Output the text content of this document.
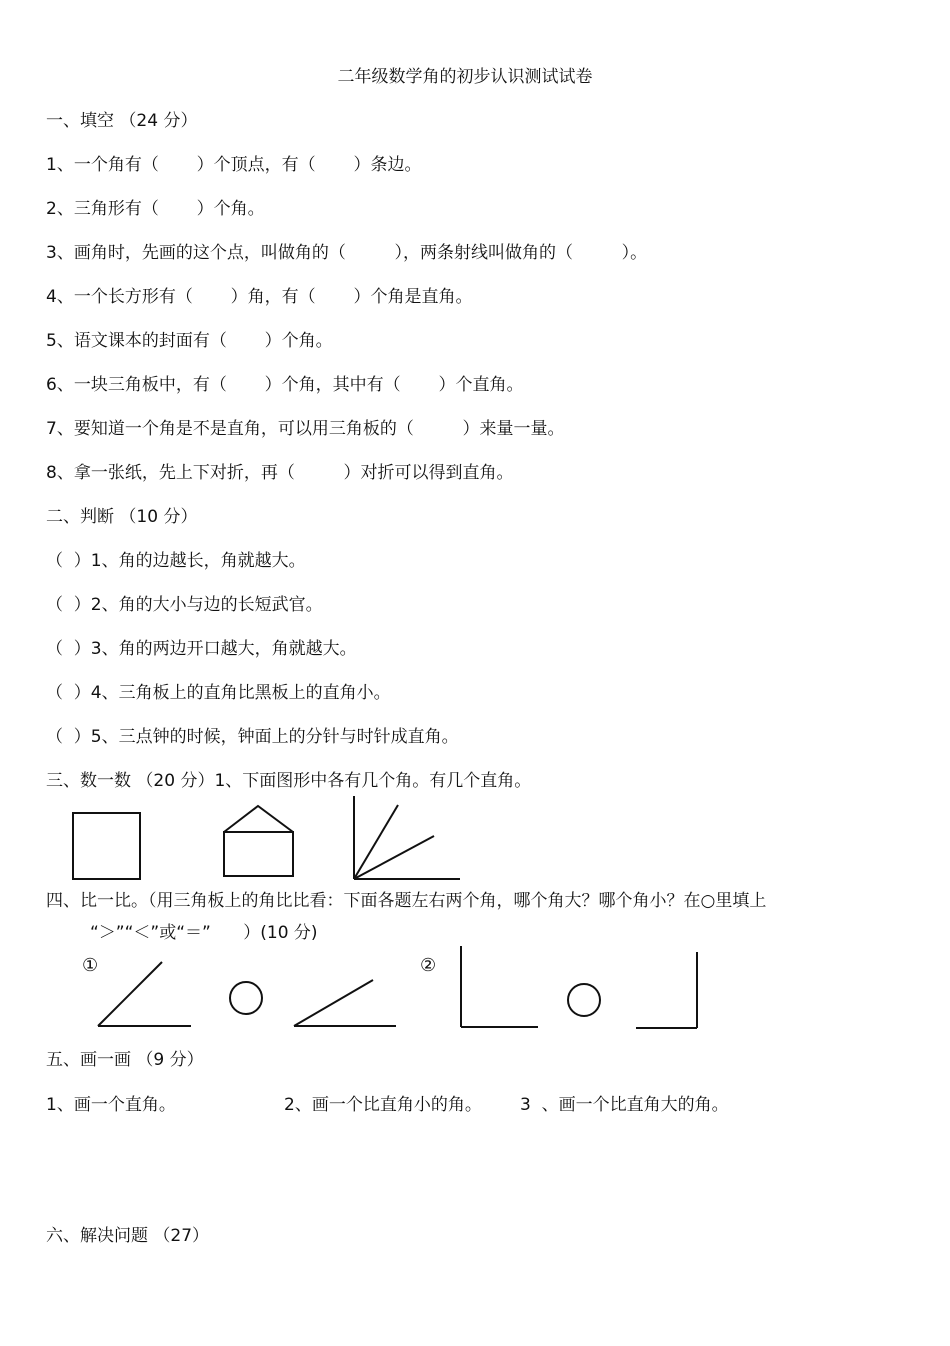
二年级数学角的初步认识测试试卷
一、填空 （24 分）
1、一个角有（       ）个顶点，有（       ）条边。
2、三角形有（       ）个角。
3、画角时，先画的这个点，叫做角的（         ），两条射线叫做角的（         ）。
4、一个长方形有（       ）角，有（       ）个角是直角。
5、语文课本的封面有（       ）个角。
6、一块三角板中，有（       ）个角，其中有（       ）个直角。
7、要知道一个角是不是直角，可以用三角板的（         ）来量一量。
8、拿一张纸，先上下对折，再（         ）对折可以得到直角。
二、判断 （10 分）
（  ）1、角的边越长，角就越大。
（  ）2、角的大小与边的长短武官。
（  ）3、角的两边开口越大，角就越大。
（  ）4、三角板上的直角比黑板上的直角小。
（  ）5、三点钟的时候，钟面上的分针与时针成直角。
三、数一数 （20 分）1、下面图形中各有几个角。有几个直角。
四、比一比。（用三角板上的角比比看：下面各题左右两个角，哪个角大？哪个角小？在○里填上
“＞”“＜”或“＝”      ）(10 分)
①	②
五、画一画 （9 分）
1、画一个直角。	2、画一个比直角小的角。 3  、画一个比直角大的角。
六、解决问题 （27）
